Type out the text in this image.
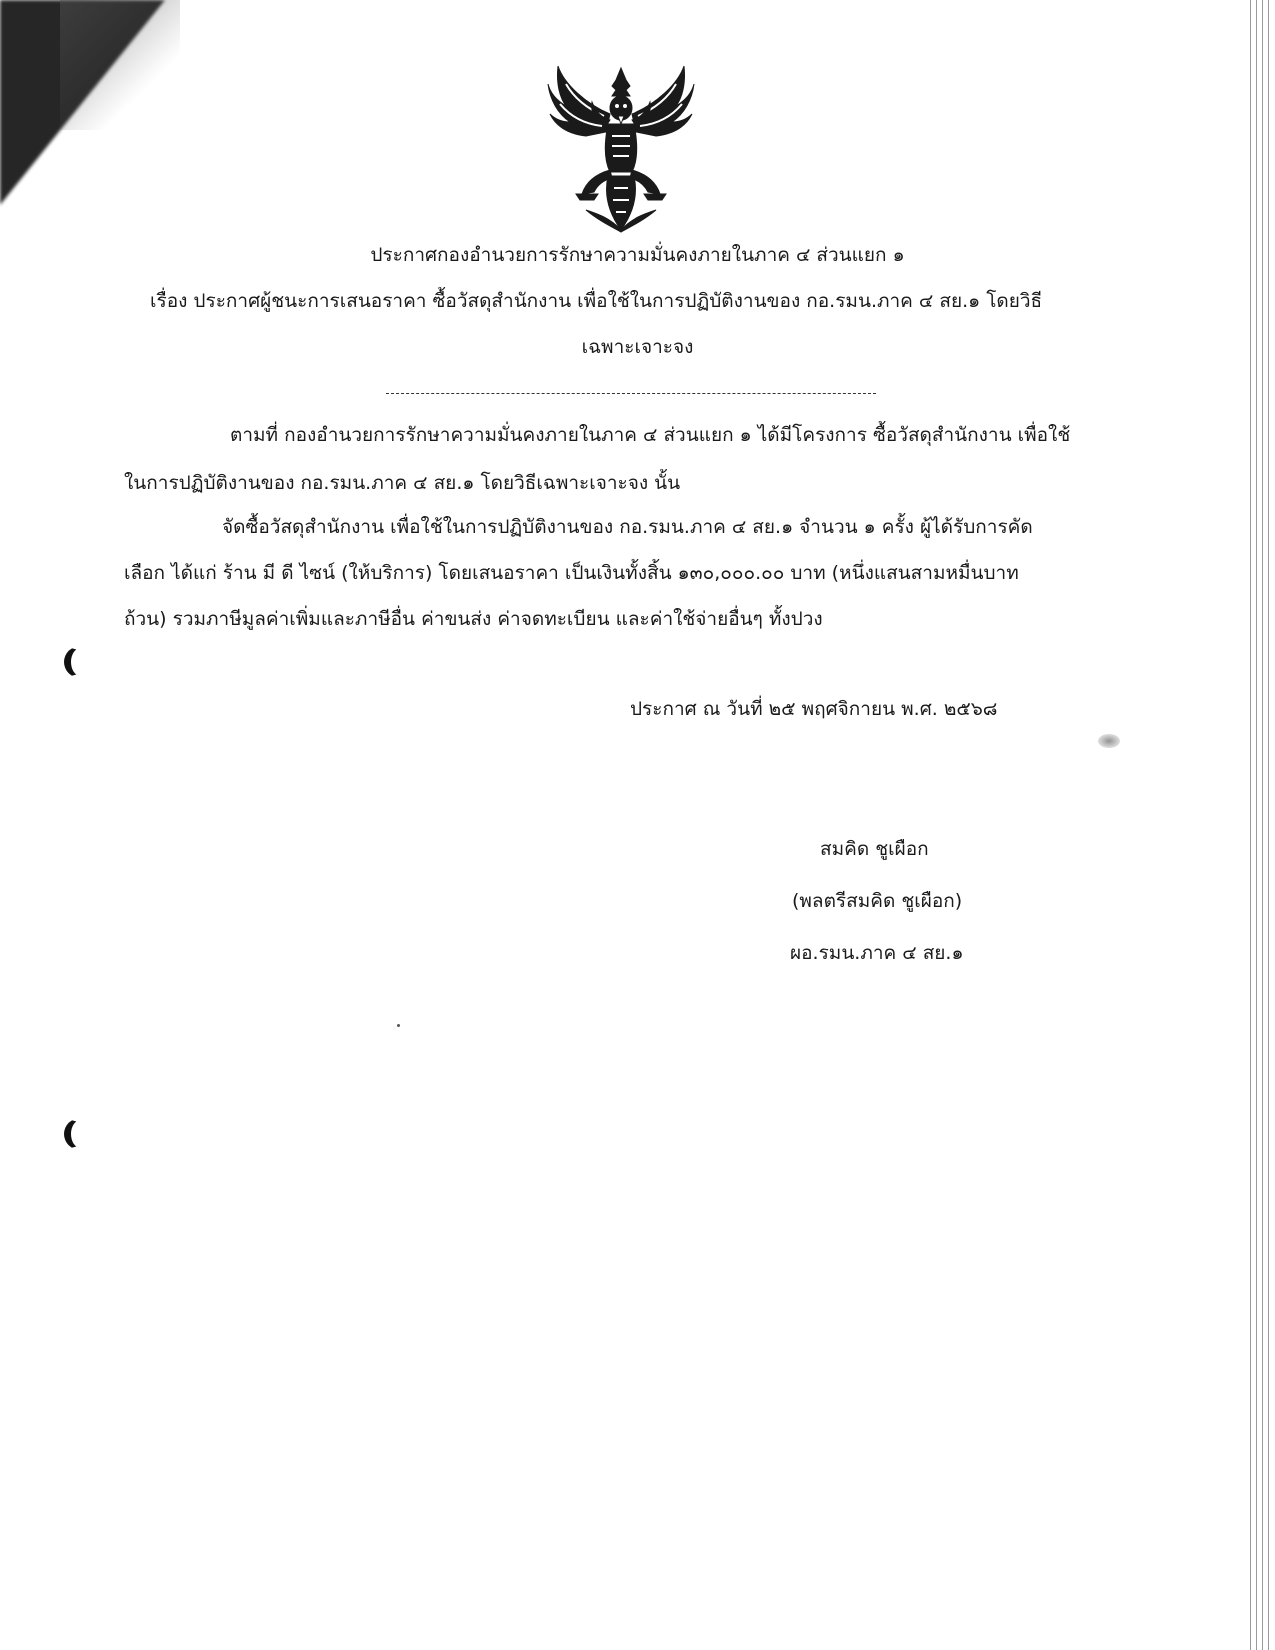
ประกาศกองอำนวยการรักษาความมั่นคงภายในภาค ๔ ส่วนแยก ๑
เรื่อง ประกาศผู้ชนะการเสนอราคา ซื้อวัสดุสำนักงาน เพื่อใช้ในการปฏิบัติงานของ กอ.รมน.ภาค ๔ สย.๑ โดยวิธี
เฉพาะเจาะจง
ตามที่ กองอำนวยการรักษาความมั่นคงภายในภาค ๔ ส่วนแยก ๑ ได้มีโครงการ ซื้อวัสดุสำนักงาน เพื่อใช้
ในการปฏิบัติงานของ กอ.รมน.ภาค ๔ สย.๑ โดยวิธีเฉพาะเจาะจง นั้น
จัดซื้อวัสดุสำนักงาน เพื่อใช้ในการปฏิบัติงานของ กอ.รมน.ภาค ๔ สย.๑ จำนวน ๑ ครั้ง ผู้ได้รับการคัด
เลือก ได้แก่ ร้าน มี ดี ไซน์ (ให้บริการ) โดยเสนอราคา เป็นเงินทั้งสิ้น ๑๓๐,๐๐๐.๐๐ บาท (หนึ่งแสนสามหมื่นบาท
ถ้วน) รวมภาษีมูลค่าเพิ่มและภาษีอื่น ค่าขนส่ง ค่าจดทะเบียน และค่าใช้จ่ายอื่นๆ ทั้งปวง
ประกาศ ณ วันที่ ๒๕ พฤศจิกายน พ.ศ. ๒๕๖๘
สมคิด ชูเผือก
(พลตรีสมคิด ชูเผือก)
ผอ.รมน.ภาค ๔ สย.๑
